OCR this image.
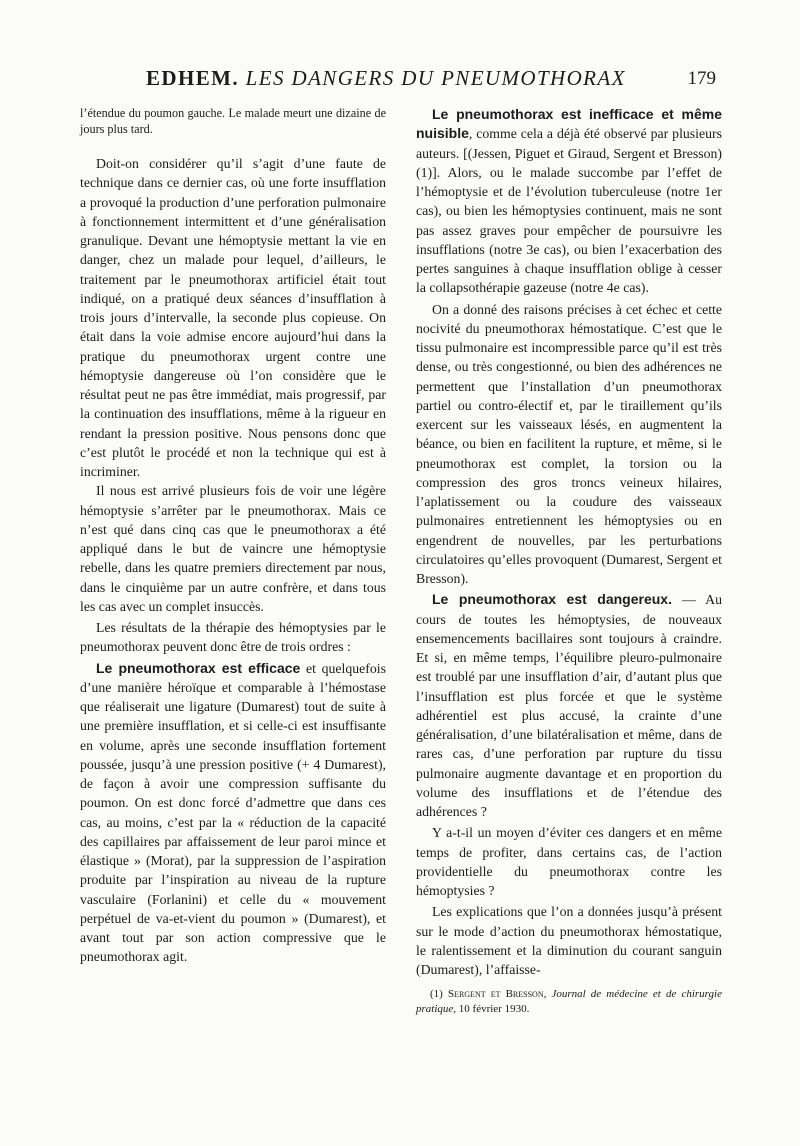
EDHEM. LES DANGERS DU PNEUMOTHORAX	179

l’étendue du poumon gauche. Le malade meurt une dizaine de jours plus tard.

Doit-on considérer qu’il s’agit d’une faute de technique dans ce dernier cas, où une forte insufflation a provoqué la production d’une perforation pulmonaire à fonctionnement intermittent et d’une généralisation granulique. Devant une hémoptysie mettant la vie en danger, chez un malade pour lequel, d’ailleurs, le traitement par le pneumothorax artificiel était tout indiqué, on a pratiqué deux séances d’insufflation à trois jours d’intervalle, la seconde plus copieuse. On était dans la voie admise encore aujourd’hui dans la pratique du pneumothorax urgent contre une hémoptysie dangereuse où l’on considère que le résultat peut ne pas être immédiat, mais progressif, par la continuation des insufflations, même à la rigueur en rendant la pression positive. Nous pensons donc que c’est plutôt le procédé et non la technique qui est à incriminer.

Il nous est arrivé plusieurs fois de voir une légère hémoptysie s’arrêter par le pneumothorax. Mais ce n’est qué dans cinq cas que le pneumothorax a été appliqué dans le but de vaincre une hémoptysie rebelle, dans les quatre premiers directement par nous, dans le cinquième par un autre confrère, et dans tous les cas avec un complet insuccès.

Les résultats de la thérapie des hémoptysies par le pneumothorax peuvent donc être de trois ordres :

Le pneumothorax est efficace et quelquefois d’une manière héroïque et comparable à l’hémostase que réaliserait une ligature (Dumarest) tout de suite à une première insufflation, et si celle-ci est insuffisante en volume, après une seconde insufflation fortement poussée, jusqu’à une pression positive (+ 4 Dumarest), de façon à avoir une compression suffisante du poumon. On est donc forcé d’admettre que dans ces cas, au moins, c’est par la « réduction de la capacité des capillaires par affaissement de leur paroi mince et élastique » (Morat), par la suppression de l’aspiration produite par l’inspiration au niveau de la rupture vasculaire (Forlanini) et celle du « mouvement perpétuel de va-et-vient du poumon » (Dumarest), et avant tout par son action compressive que le pneumothorax agit.

Le pneumothorax est inefficace et même nuisible, comme cela a déjà été observé par plusieurs auteurs. [(Jessen, Piguet et Giraud, Sergent et Bresson) (1)]. Alors, ou le malade succombe par l’effet de l’hémoptysie et de l’évolution tuberculeuse (notre 1er cas), ou bien les hémoptysies continuent, mais ne sont pas assez graves pour empêcher de poursuivre les insufflations (notre 3e cas), ou bien l’exacerbation des pertes sanguines à chaque insufflation oblige à cesser la collapsothérapie gazeuse (notre 4e cas).

On a donné des raisons précises à cet échec et cette nocivité du pneumothorax hémostatique. C’est que le tissu pulmonaire est incompressible parce qu’il est très dense, ou très congestionné, ou bien des adhérences ne permettent que l’installation d’un pneumothorax partiel ou contro-électif et, par le tiraillement qu’ils exercent sur les vaisseaux lésés, en augmentent la béance, ou bien en facilitent la rupture, et même, si le pneumothorax est complet, la torsion ou la compression des gros troncs veineux hilaires, l’aplatissement ou la coudure des vaisseaux pulmonaires entretiennent les hémoptysies ou en engendrent de nouvelles, par les perturbations circulatoires qu’elles provoquent (Dumarest, Sergent et Bresson).

Le pneumothorax est dangereux. — Au cours de toutes les hémoptysies, de nouveaux ensemencements bacillaires sont toujours à craindre. Et si, en même temps, l’équilibre pleuro-pulmonaire est troublé par une insufflation d’air, d’autant plus que l’insufflation est plus forcée et que le système adhérentiel est plus accusé, la crainte d’une généralisation, d’une bilatéralisation et même, dans de rares cas, d’une perforation par rupture du tissu pulmonaire augmente davantage et en proportion du volume des insufflations et de l’étendue des adhérences ?

Y a-t-il un moyen d’éviter ces dangers et en même temps de profiter, dans certains cas, de l’action providentielle du pneumothorax contre les hémoptysies ?

Les explications que l’on a données jusqu’à présent sur le mode d’action du pneumothorax hémostatique, le ralentissement et la diminution du courant sanguin (Dumarest), l’affaisse-

(1) Sergent et Bresson, Journal de médecine et de chirurgie pratique, 10 février 1930.
